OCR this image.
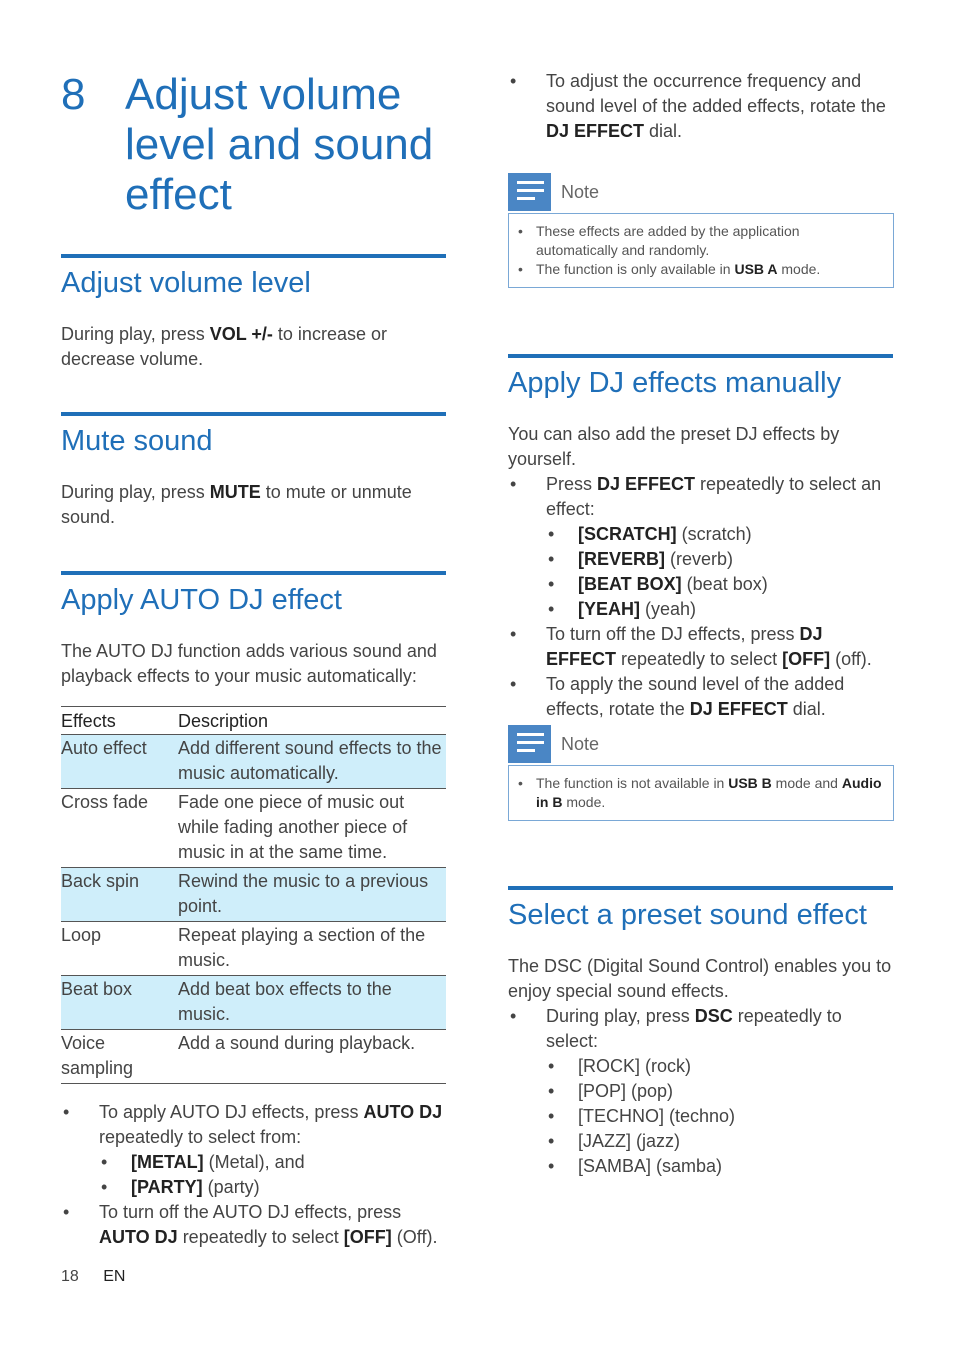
8 Adjust volume level and sound effect
Adjust volume level
During play, press VOL +/- to increase or decrease volume.
Mute sound
During play, press MUTE to mute or unmute sound.
Apply AUTO DJ effect
The AUTO DJ function adds various sound and playback effects to your music automatically:
Effects	Description
Auto effect	Add different sound effects to the music automatically.
Cross fade	Fade one piece of music out while fading another piece of music in at the same time.
Back spin	Rewind the music to a previous point.
Loop	Repeat playing a section of the music.
Beat box	Add beat box effects to the music.
Voice sampling	Add a sound during playback.
• To apply AUTO DJ effects, press AUTO DJ repeatedly to select from:
• [METAL] (Metal), and
• [PARTY] (party)
• To turn off the AUTO DJ effects, press AUTO DJ repeatedly to select [OFF] (Off).
• To adjust the occurrence frequency and sound level of the added effects, rotate the DJ EFFECT dial.
Note
• These effects are added by the application automatically and randomly.
• The function is only available in USB A mode.
Apply DJ effects manually
You can also add the preset DJ effects by yourself.
• Press DJ EFFECT repeatedly to select an effect:
• [SCRATCH] (scratch)
• [REVERB] (reverb)
• [BEAT BOX] (beat box)
• [YEAH] (yeah)
• To turn off the DJ effects, press DJ EFFECT repeatedly to select [OFF] (off).
• To apply the sound level of the added effects, rotate the DJ EFFECT dial.
Note
• The function is not available in USB B mode and Audio in B mode.
Select a preset sound effect
The DSC (Digital Sound Control) enables you to enjoy special sound effects.
• During play, press DSC repeatedly to select:
• [ROCK] (rock)
• [POP] (pop)
• [TECHNO] (techno)
• [JAZZ] (jazz)
• [SAMBA] (samba)
18 EN
